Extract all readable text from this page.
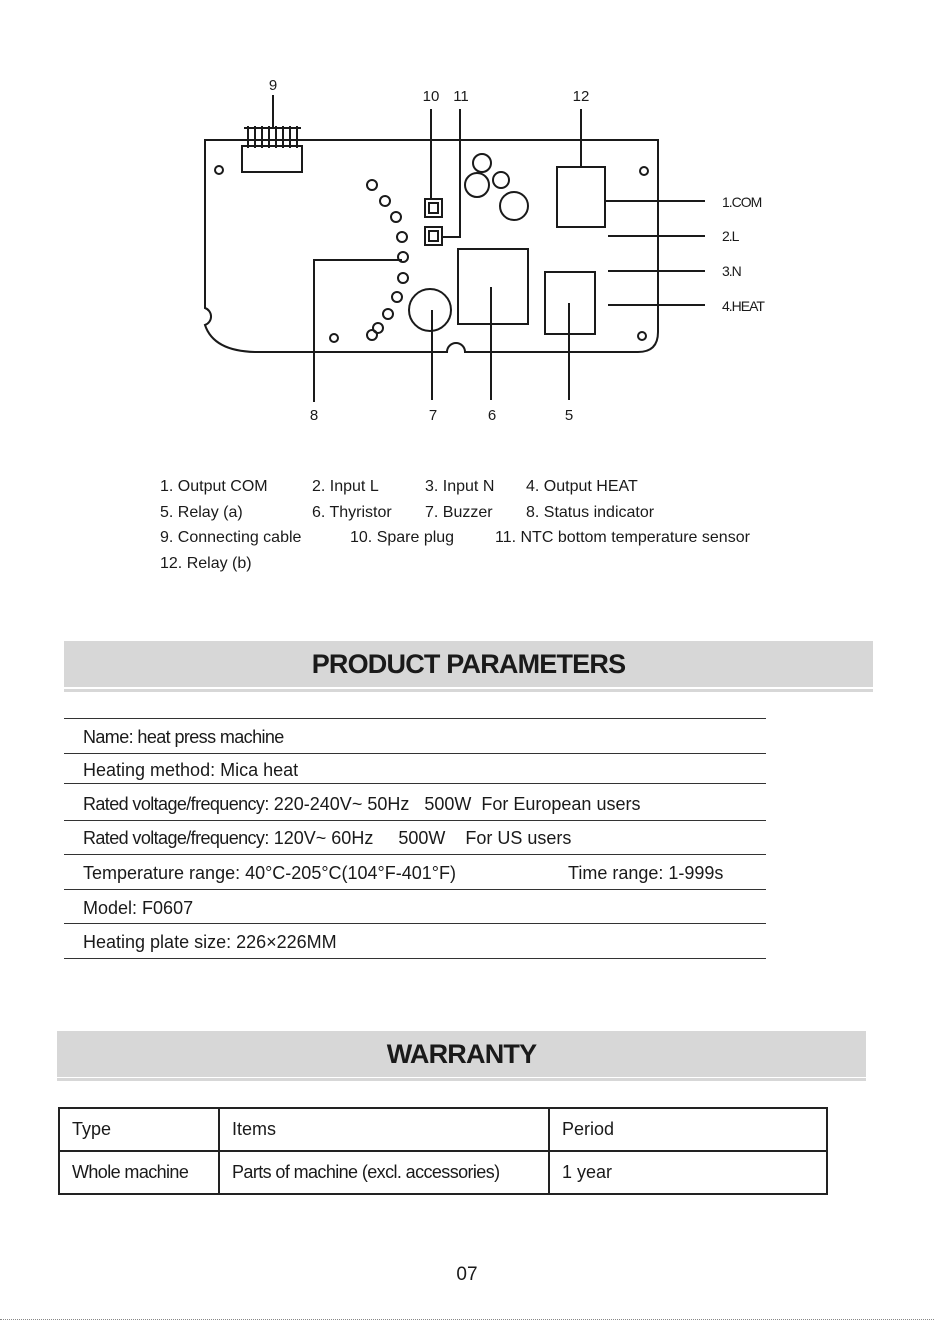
9
10 11	12
8	7	6	5
1.COM
2.L
3.N
4.HEAT
1. Output COM	2. Input L	3. Input N 4. Output HEAT
5. Relay (a)	6. Thyristor 7. Buzzer 8. Status indicator
9. Connecting cable	10. Spare plug	11. NTC bottom temperature sensor
12. Relay (b)
PRODUCT PARAMETERS
Name: heat press machine
Heating method: Mica heat
Rated voltage/frequency: 220-240V~ 50Hz   500W  For European users
Rated voltage/frequency: 120V~ 60Hz     500W    For US users
Temperature range: 40°C-205°C(104°F-401°F)	Time range: 1-999s
Model: F0607
Heating plate size: 226×226MM
WARRANTY
Type	Items	Period
Whole machine	Parts of machine (excl. accessories)	1 year
07
